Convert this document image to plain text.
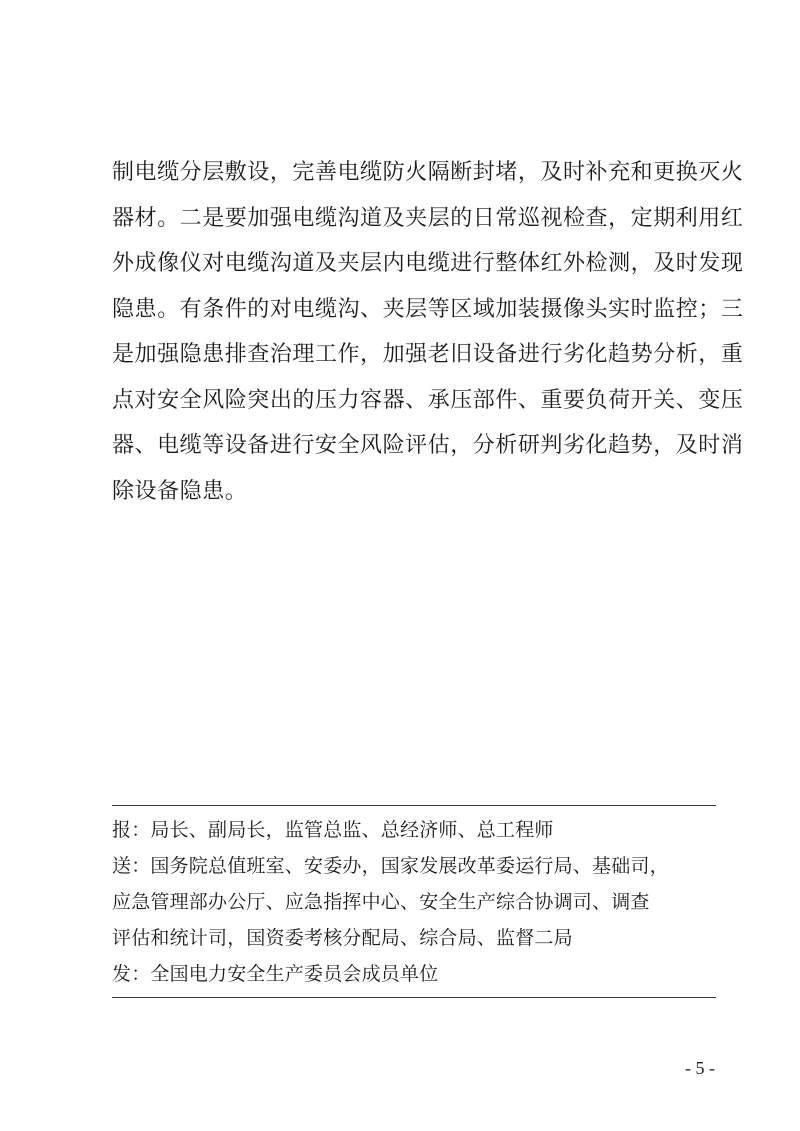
制电缆分层敷设，完善电缆防火隔断封堵，及时补充和更换灭火
器材。二是要加强电缆沟道及夹层的日常巡视检查，定期利用红
外成像仪对电缆沟道及夹层内电缆进行整体红外检测，及时发现
隐患。有条件的对电缆沟、夹层等区域加装摄像头实时监控；三
是加强隐患排查治理工作，加强老旧设备进行劣化趋势分析，重
点对安全风险突出的压力容器、承压部件、重要负荷开关、变压
器、电缆等设备进行安全风险评估，分析研判劣化趋势，及时消
除设备隐患。
报：局长、副局长，监管总监、总经济师、总工程师
送：国务院总值班室、安委办，国家发展改革委运行局、基础司，
应急管理部办公厅、应急指挥中心、安全生产综合协调司、调查
评估和统计司，国资委考核分配局、综合局、监督二局
发：全国电力安全生产委员会成员单位
- 5 -
